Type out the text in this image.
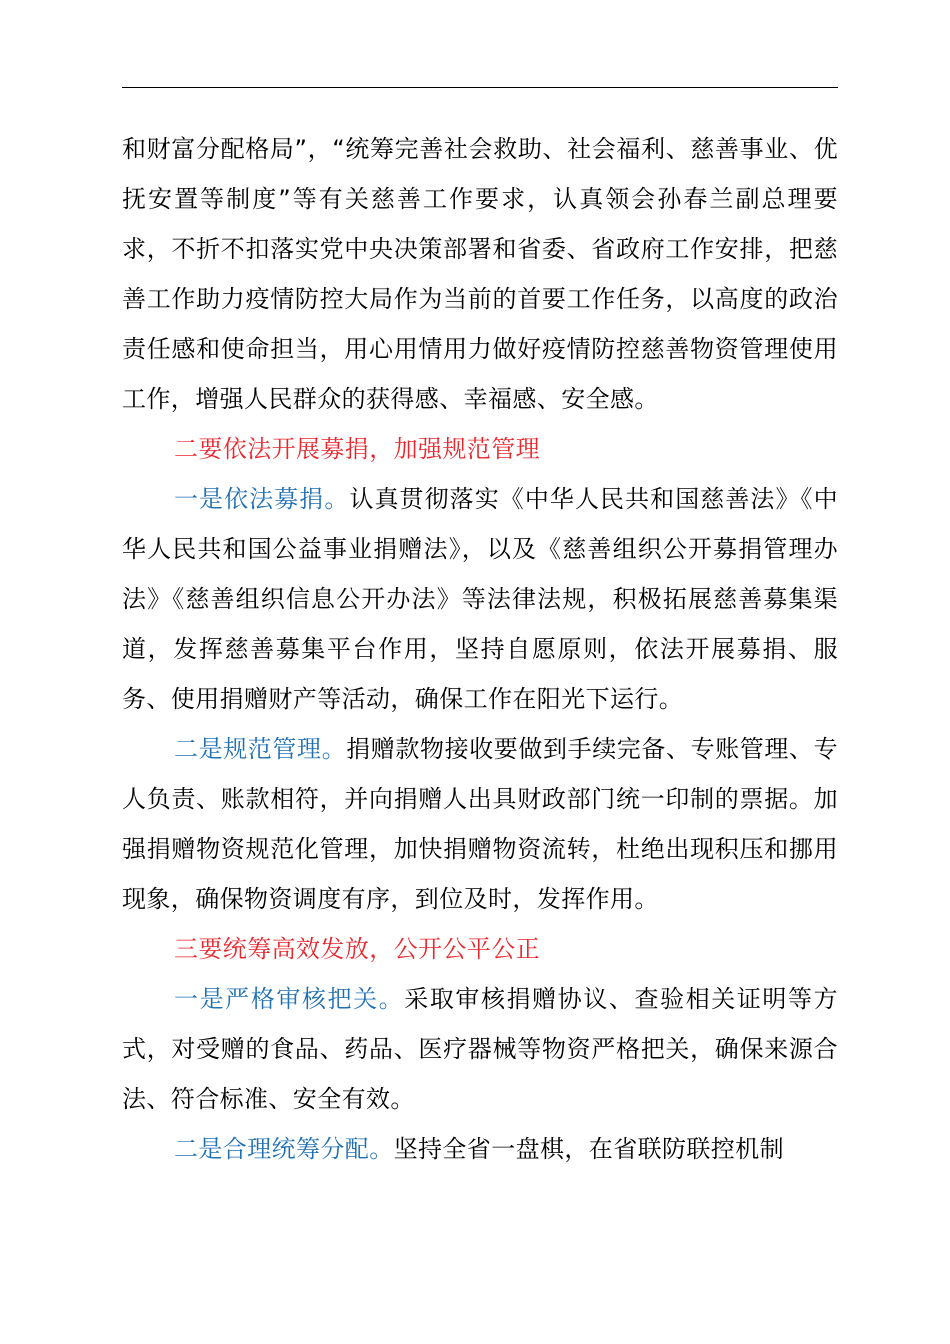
和财富分配格局”，“统筹完善社会救助、社会福利、慈善事业、优抚安置等制度”等有关慈善工作要求，认真领会孙春兰副总理要求，不折不扣落实党中央决策部署和省委、省政府工作安排，把慈善工作助力疫情防控大局作为当前的首要工作任务，以高度的政治责任感和使命担当，用心用情用力做好疫情防控慈善物资管理使用工作，增强人民群众的获得感、幸福感、安全感。

二要依法开展募捐，加强规范管理

一是依法募捐。认真贯彻落实《中华人民共和国慈善法》《中华人民共和国公益事业捐赠法》，以及《慈善组织公开募捐管理办法》《慈善组织信息公开办法》等法律法规，积极拓展慈善募集渠道，发挥慈善募集平台作用，坚持自愿原则，依法开展募捐、服务、使用捐赠财产等活动，确保工作在阳光下运行。

二是规范管理。捐赠款物接收要做到手续完备、专账管理、专人负责、账款相符，并向捐赠人出具财政部门统一印制的票据。加强捐赠物资规范化管理，加快捐赠物资流转，杜绝出现积压和挪用现象，确保物资调度有序，到位及时，发挥作用。

三要统筹高效发放，公开公平公正

一是严格审核把关。采取审核捐赠协议、查验相关证明等方式，对受赠的食品、药品、医疗器械等物资严格把关，确保来源合法、符合标准、安全有效。

二是合理统筹分配。坚持全省一盘棋，在省联防联控机制
